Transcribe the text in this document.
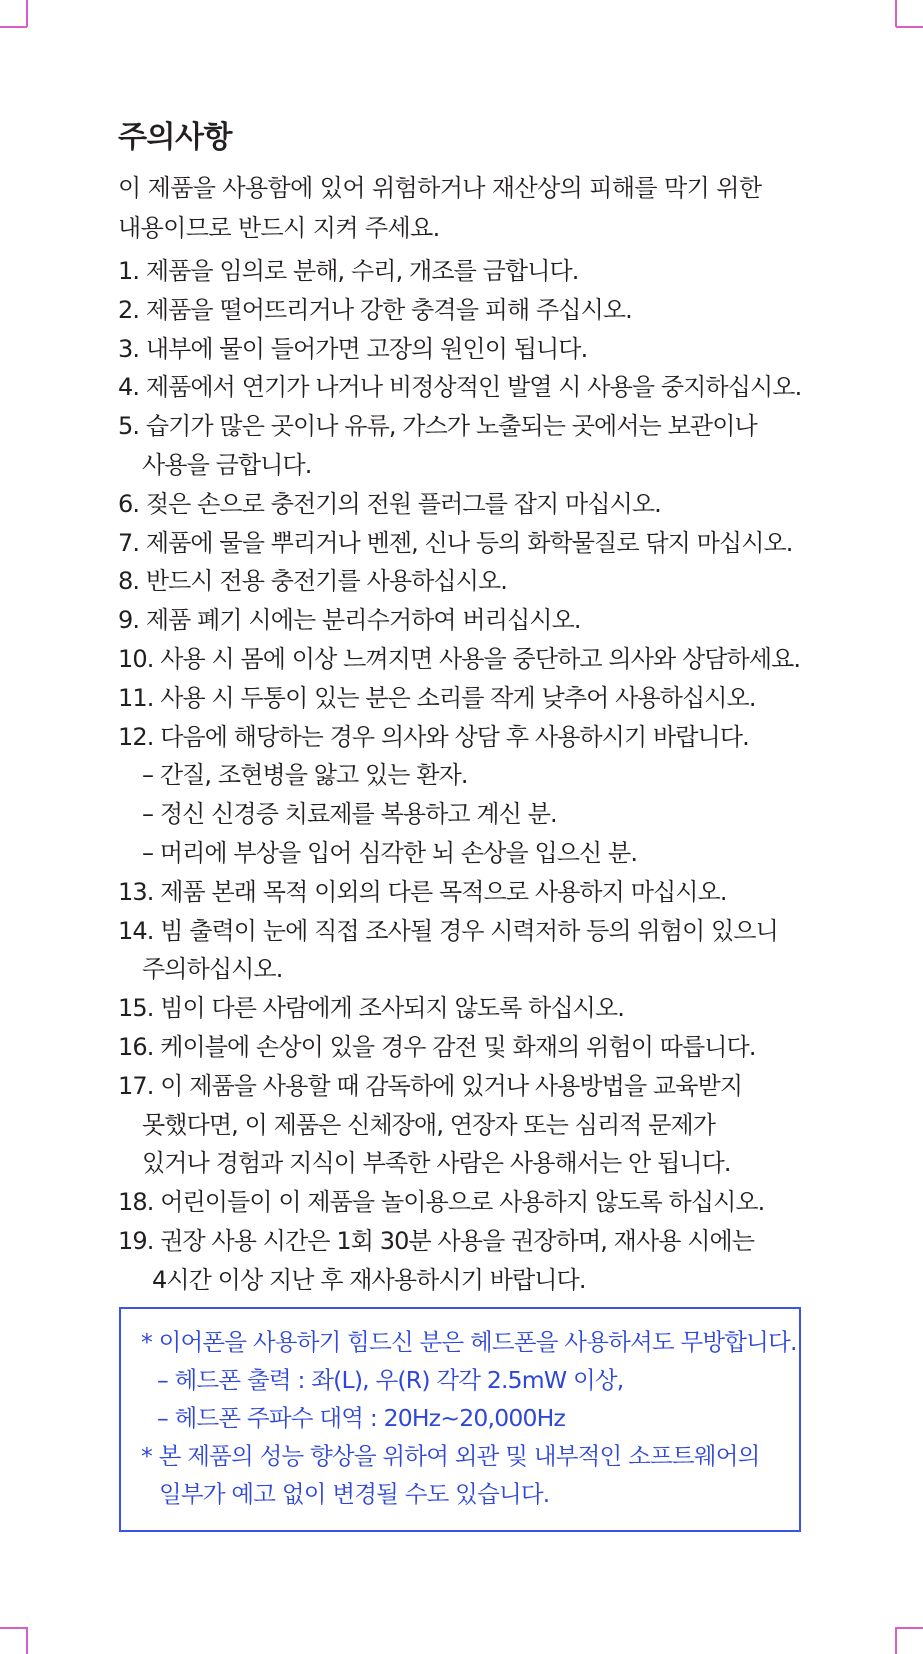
주의사항
이 제품을 사용함에 있어 위험하거나 재산상의 피해를 막기 위한
내용이므로 반드시 지켜 주세요.
1. 제품을 임의로 분해, 수리, 개조를 금합니다.
2. 제품을 떨어뜨리거나 강한 충격을 피해 주십시오.
3. 내부에 물이 들어가면 고장의 원인이 됩니다.
4. 제품에서 연기가 나거나 비정상적인 발열 시 사용을 중지하십시오.
5. 습기가 많은 곳이나 유류, 가스가 노출되는 곳에서는 보관이나
사용을 금합니다.
6. 젖은 손으로 충전기의 전원 플러그를 잡지 마십시오.
7. 제품에 물을 뿌리거나 벤젠, 신나 등의 화학물질로 닦지 마십시오.
8. 반드시 전용 충전기를 사용하십시오.
9. 제품 폐기 시에는 분리수거하여 버리십시오.
10. 사용 시 몸에 이상 느껴지면 사용을 중단하고 의사와 상담하세요.
11. 사용 시 두통이 있는 분은 소리를 작게 낮추어 사용하십시오.
12. 다음에 해당하는 경우 의사와 상담 후 사용하시기 바랍니다.
– 간질, 조현병을 앓고 있는 환자.
– 정신 신경증 치료제를 복용하고 계신 분.
– 머리에 부상을 입어 심각한 뇌 손상을 입으신 분.
13. 제품 본래 목적 이외의 다른 목적으로 사용하지 마십시오.
14. 빔 출력이 눈에 직접 조사될 경우 시력저하 등의 위험이 있으니
주의하십시오.
15. 빔이 다른 사람에게 조사되지 않도록 하십시오.
16. 케이블에 손상이 있을 경우 감전 및 화재의 위험이 따릅니다.
17. 이 제품을 사용할 때 감독하에 있거나 사용방법을 교육받지
못했다면, 이 제품은 신체장애, 연장자 또는 심리적 문제가
있거나 경험과 지식이 부족한 사람은 사용해서는 안 됩니다.
18. 어린이들이 이 제품을 놀이용으로 사용하지 않도록 하십시오.
19. 권장 사용 시간은 1회 30분 사용을 권장하며, 재사용 시에는
4시간 이상 지난 후 재사용하시기 바랍니다.
* 이어폰을 사용하기 힘드신 분은 헤드폰을 사용하셔도 무방합니다.
– 헤드폰 출력 : 좌(L), 우(R) 각각 2.5mW 이상,
– 헤드폰 주파수 대역 : 20Hz~20,000Hz
* 본 제품의 성능 향상을 위하여 외관 및 내부적인 소프트웨어의
일부가 예고 없이 변경될 수도 있습니다.
